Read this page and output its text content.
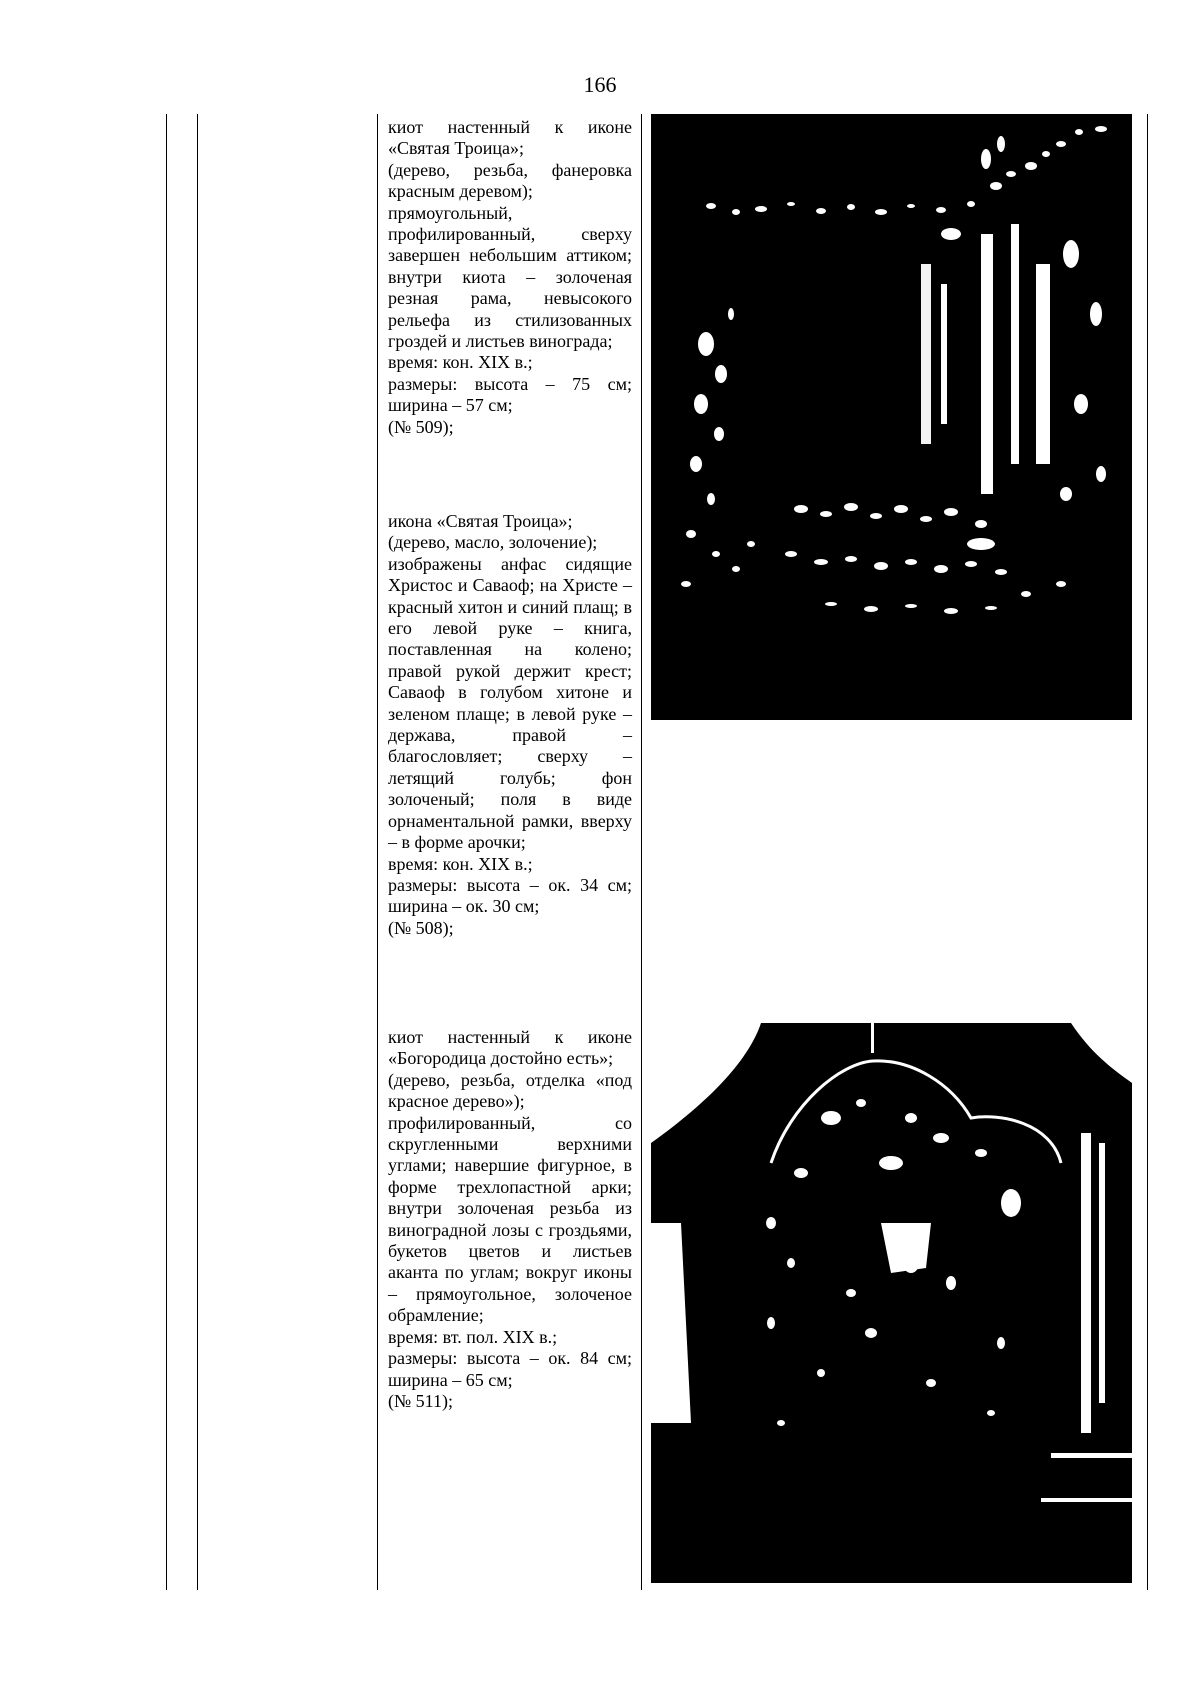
166

киот настенный к иконе «Святая Троица»;

(дерево, резьба, фанеровка красным деревом);

прямоугольный, профилированный, сверху завершен небольшим аттиком; внутри киота – золоченая резная рама, невысокого рельефа из стилизованных гроздей и листьев винограда;

время: кон. XIX в.;

размеры: высота – 75 см; ширина – 57 см;

(№ 509);

икона «Святая Троица»;

(дерево, масло, золочение);

изображены анфас сидящие Христос и Саваоф; на Христе – красный хитон и синий плащ; в его левой руке – книга, поставленная на колено; правой рукой держит крест; Саваоф в голубом хитоне и зеленом плаще; в левой руке – держава, правой – благословляет; сверху – летящий голубь; фон золоченый; поля в виде орнаментальной рамки, вверху – в форме арочки;

время: кон. XIX в.;

размеры: высота – ок. 34 см; ширина – ок. 30 см;

(№ 508);

киот настенный к иконе «Богородица достойно есть»;

(дерево, резьба, отделка «под красное дерево»);

профилированный, со скругленными верхними углами; навершие фигурное, в форме трехлопастной арки; внутри золоченая резьба из виноградной лозы с гроздьями, букетов цветов и листьев аканта по углам; вокруг иконы – прямоугольное, золоченое обрамление;

время: вт. пол. XIX в.;

размеры: высота – ок. 84 см; ширина – 65 см;

(№ 511);
